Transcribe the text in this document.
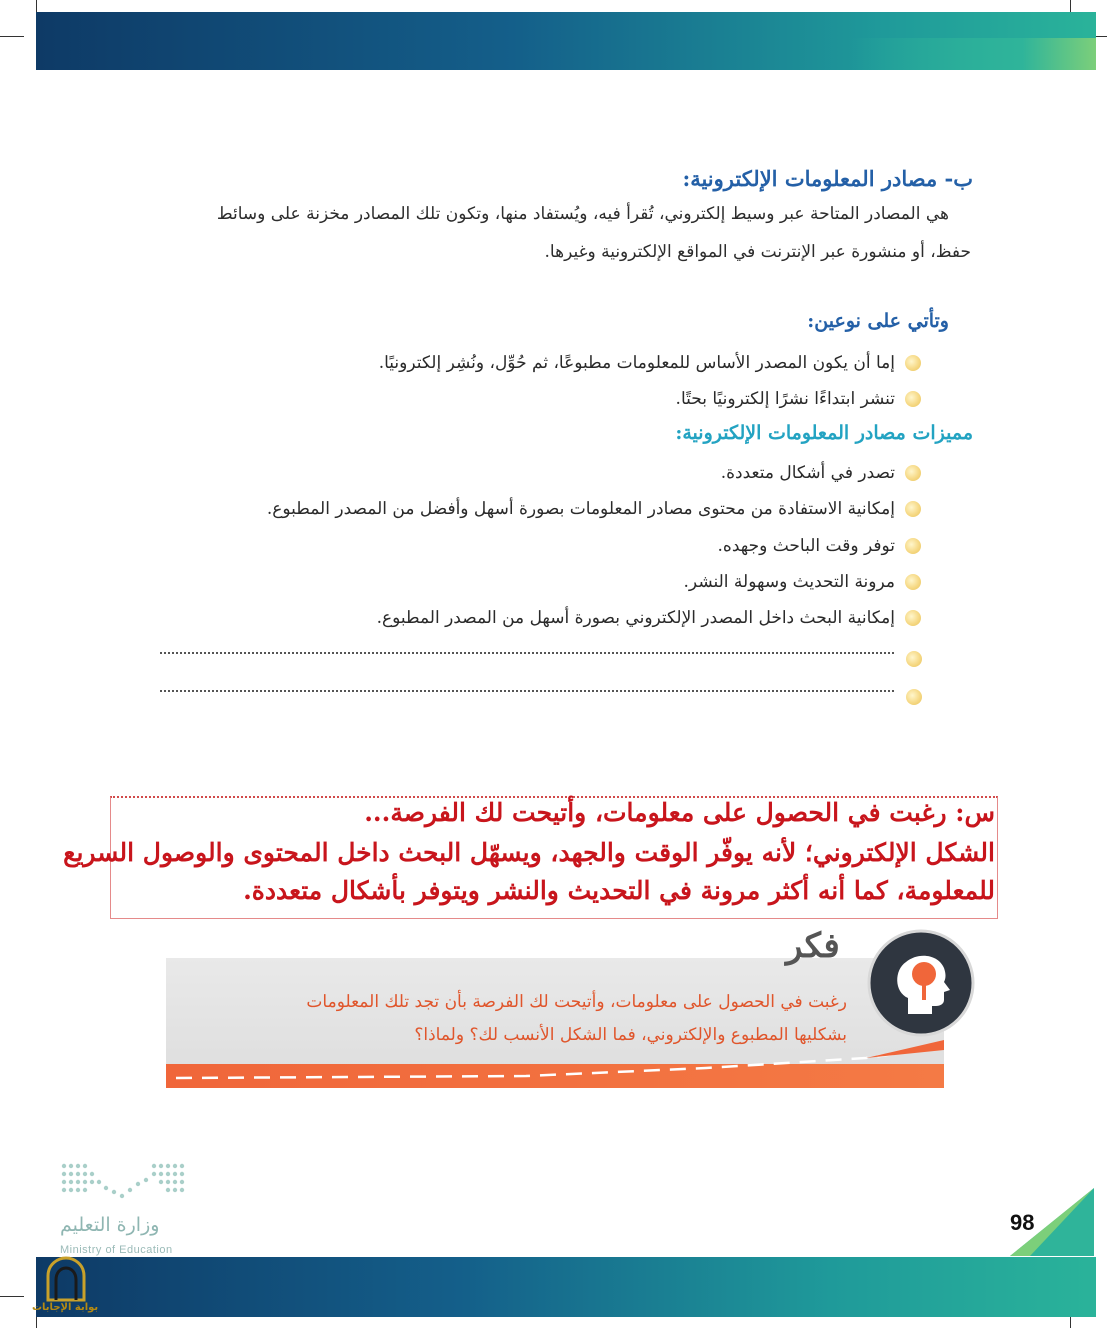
ب- مصادر المعلومات الإلكترونية:
هي المصادر المتاحة عبر وسيط إلكتروني، تُقرأ فيه، ويُستفاد منها، وتكون تلك المصادر مخزنة على وسائط
حفظ، أو منشورة عبر الإنترنت في المواقع الإلكترونية وغيرها.
وتأتي على نوعين:
إما أن يكون المصدر الأساس للمعلومات مطبوعًا، ثم حُوِّل، ونُشِر إلكترونيًا.
تنشر ابتداءًا نشرًا إلكترونيًا بحتًا.
مميزات مصادر المعلومات الإلكترونية:
تصدر في أشكال متعددة.
إمكانية الاستفادة من محتوى مصادر المعلومات بصورة أسهل وأفضل من المصدر المطبوع.
توفر وقت الباحث وجهده.
مرونة التحديث وسهولة النشر.
إمكانية البحث داخل المصدر الإلكتروني بصورة أسهل من المصدر المطبوع.
س: رغبت في الحصول على معلومات، وأتيحت لك الفرصة...
الشكل الإلكتروني؛ لأنه يوفّر الوقت والجهد، ويسهّل البحث داخل المحتوى والوصول السريع
للمعلومة، كما أنه أكثر مرونة في التحديث والنشر ويتوفر بأشكال متعددة.
فكر
رغبت في الحصول على معلومات، وأتيحت لك الفرصة بأن تجد تلك المعلومات
بشكليها المطبوع والإلكتروني، فما الشكل الأنسب لك؟ ولماذا؟
98
وزارة التعليم
Ministry of Education
بوابة الإجابات
